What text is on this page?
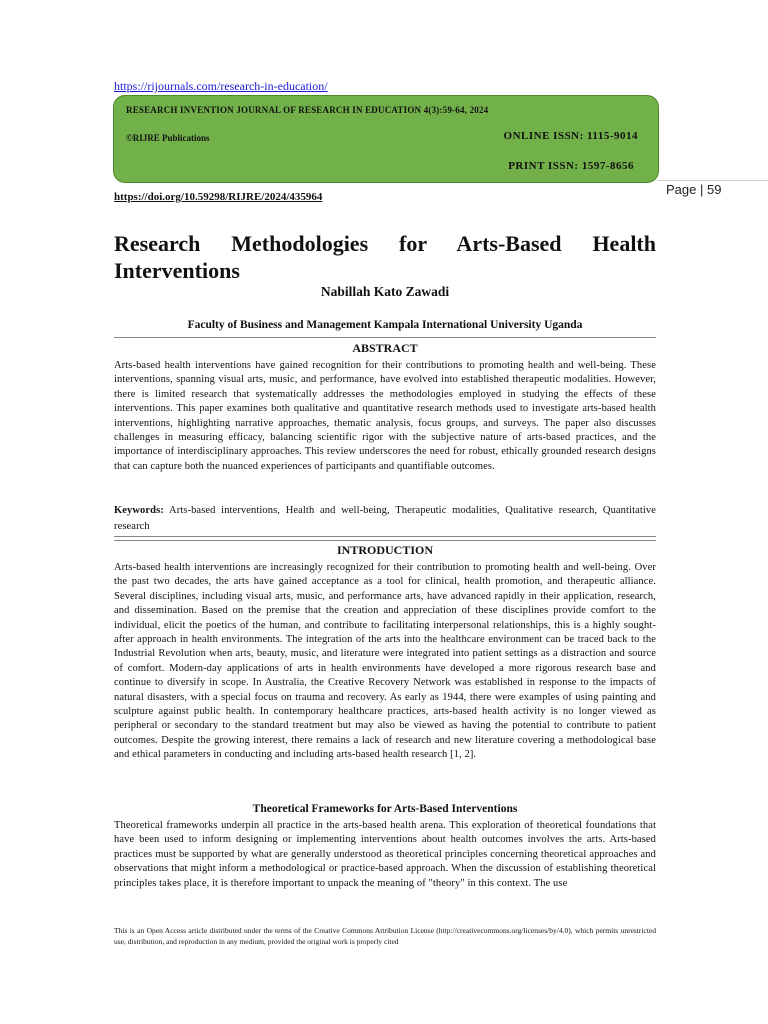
https://rijournals.com/research-in-education/
RESEARCH INVENTION JOURNAL OF RESEARCH IN EDUCATION 4(3):59-64, 2024
©RIJRE Publications	ONLINE ISSN: 1115-9014
PRINT ISSN: 1597-8656
https://doi.org/10.59298/RIJRE/2024/435964	Page | 59
Research Methodologies for Arts-Based Health Interventions
Nabillah Kato Zawadi
Faculty of Business and Management Kampala International University Uganda
ABSTRACT

Arts-based health interventions have gained recognition for their contributions to promoting health and well-being. These interventions, spanning visual arts, music, and performance, have evolved into established therapeutic modalities. However, there is limited research that systematically addresses the methodologies employed in studying the effects of these interventions. This paper examines both qualitative and quantitative research methods used to investigate arts-based health interventions, highlighting narrative approaches, thematic analysis, focus groups, and surveys. The paper also discusses challenges in measuring efficacy, balancing scientific rigor with the subjective nature of arts-based practices, and the importance of interdisciplinary approaches. This review underscores the need for robust, ethically grounded research designs that can capture both the nuanced experiences of participants and quantifiable outcomes.

Keywords: Arts-based interventions, Health and well-being, Therapeutic modalities, Qualitative research, Quantitative research

INTRODUCTION

Arts-based health interventions are increasingly recognized for their contribution to promoting health and well-being. Over the past two decades, the arts have gained acceptance as a tool for clinical, health promotion, and therapeutic alliance. Several disciplines, including visual arts, music, and performance arts, have advanced rapidly in their application, research, and dissemination. Based on the premise that the creation and appreciation of these disciplines provide comfort to the individual, elicit the poetics of the human, and contribute to facilitating interpersonal relationships, this is a highly sought-after approach in health environments. The integration of the arts into the healthcare environment can be traced back to the Industrial Revolution when arts, beauty, music, and literature were integrated into patient settings as a distraction and source of comfort. Modern-day applications of arts in health environments have developed a more rigorous research base and continue to diversify in scope. In Australia, the Creative Recovery Network was established in response to the impacts of natural disasters, with a special focus on trauma and recovery. As early as 1944, there were examples of using painting and sculpture against public health. In contemporary healthcare practices, arts-based health activity is no longer viewed as peripheral or secondary to the standard treatment but may also be viewed as having the potential to contribute to patient outcomes. Despite the growing interest, there remains a lack of research and new literature covering a methodological base and ethical parameters in conducting and including arts-based health research [1, 2].

Theoretical Frameworks for Arts-Based Interventions

Theoretical frameworks underpin all practice in the arts-based health arena. This exploration of theoretical foundations that have been used to inform designing or implementing interventions about health outcomes involves the arts. Arts-based practices must be supported by what are generally understood as theoretical principles concerning theoretical approaches and observations that might inform a methodological or practice-based approach. When the discussion of establishing theoretical principles takes place, it is therefore important to unpack the meaning of "theory" in this context. The use

This is an Open Access article distributed under the terms of the Creative Commons Attribution License (http://creativecommons.org/licenses/by/4.0), which permits unrestricted use, distribution, and reproduction in any medium, provided the original work is properly cited
